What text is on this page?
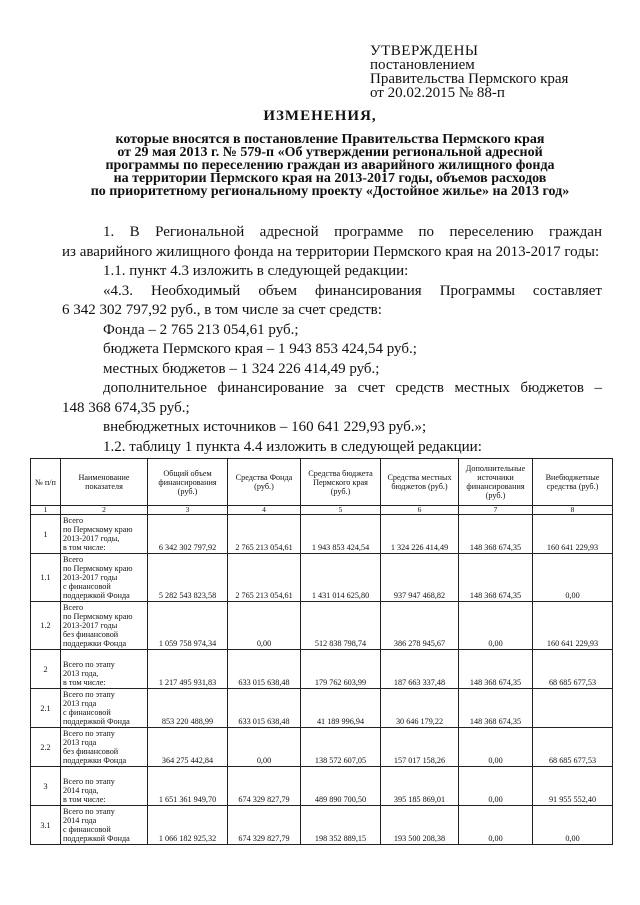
УТВЕРЖДЕНЫ
постановлением
Правительства Пермского края
от 20.02.2015 № 88-п
ИЗМЕНЕНИЯ,
которые вносятся в постановление Правительства Пермского края
от 29 мая 2013 г. № 579-п «Об утверждении региональной адресной
программы по переселению граждан из аварийного жилищного фонда
на территории Пермского края на 2013-2017 годы, объемов расходов
по приоритетному региональному проекту «Достойное жилье» на 2013 год»

1. В Региональной адресной программе по переселению граждан

из аварийного жилищного фонда на территории Пермского края на 2013-2017 годы:

1.1. пункт 4.3 изложить в следующей редакции:

«4.3. Необходимый объем финансирования Программы составляет

6 342 302 797,92 руб., в том числе за счет средств:

Фонда – 2 765 213 054,61 руб.;

бюджета Пермского края – 1 943 853 424,54 руб.;

местных бюджетов – 1 324 226 414,49 руб.;

дополнительное финансирование за счет средств местных бюджетов –

148 368 674,35 руб.;

внебюджетных источников – 160 641 229,93 руб.»;

1.2. таблицу 1 пункта 4.4 изложить в следующей редакции:

№ п/п	Наименование показателя	Общий объем финансирования (руб.)	Средства Фонда (руб.)	Средства бюджета Пермского края (руб.)	Средства местных бюджетов (руб.)	Дополнительные источники финансирования (руб.)	Внебюджетные средства (руб.)
1	2	3	4	5	6	7	8
1	Всего
по Пермскому краю
2013-2017 годы,
в том числе:	6 342 302 797,92	2 765 213 054,61	1 943 853 424,54	1 324 226 414,49	148 368 674,35	160 641 229,93
1.1	Всего
по Пермскому краю
2013-2017 годы
с финансовой
поддержкой Фонда	5 282 543 823,58	2 765 213 054,61	1 431 014 625,80	937 947 468,82	148 368 674,35	0,00
1.2	Всего
по Пермскому краю
2013-2017 годы
без финансовой
поддержки Фонда	1 059 758 974,34	0,00	512 838 798,74	386 278 945,67	0,00	160 641 229,93
2	Всего по этапу
2013 года,
в том числе:	1 217 495 931,83	633 015 638,48	179 762 603,99	187 663 337,48	148 368 674,35	68 685 677,53
2.1	Всего по этапу
2013 года
с финансовой
поддержкой Фонда	853 220 488,99	633 015 638,48	41 189 996,94	30 646 179,22	148 368 674,35	
2.2	Всего по этапу
2013 года
без финансовой
поддержки Фонда	364 275 442,84	0,00	138 572 607,05	157 017 158,26	0,00	68 685 677,53
3	Всего по этапу
2014 года,
в том числе:	1 651 361 949,70	674 329 827,79	489 890 700,50	395 185 869,01	0,00	91 955 552,40
3.1	Всего по этапу
2014 года
с финансовой
поддержкой Фонда	1 066 182 925,32	674 329 827,79	198 352 889,15	193 500 208,38	0,00	0,00
